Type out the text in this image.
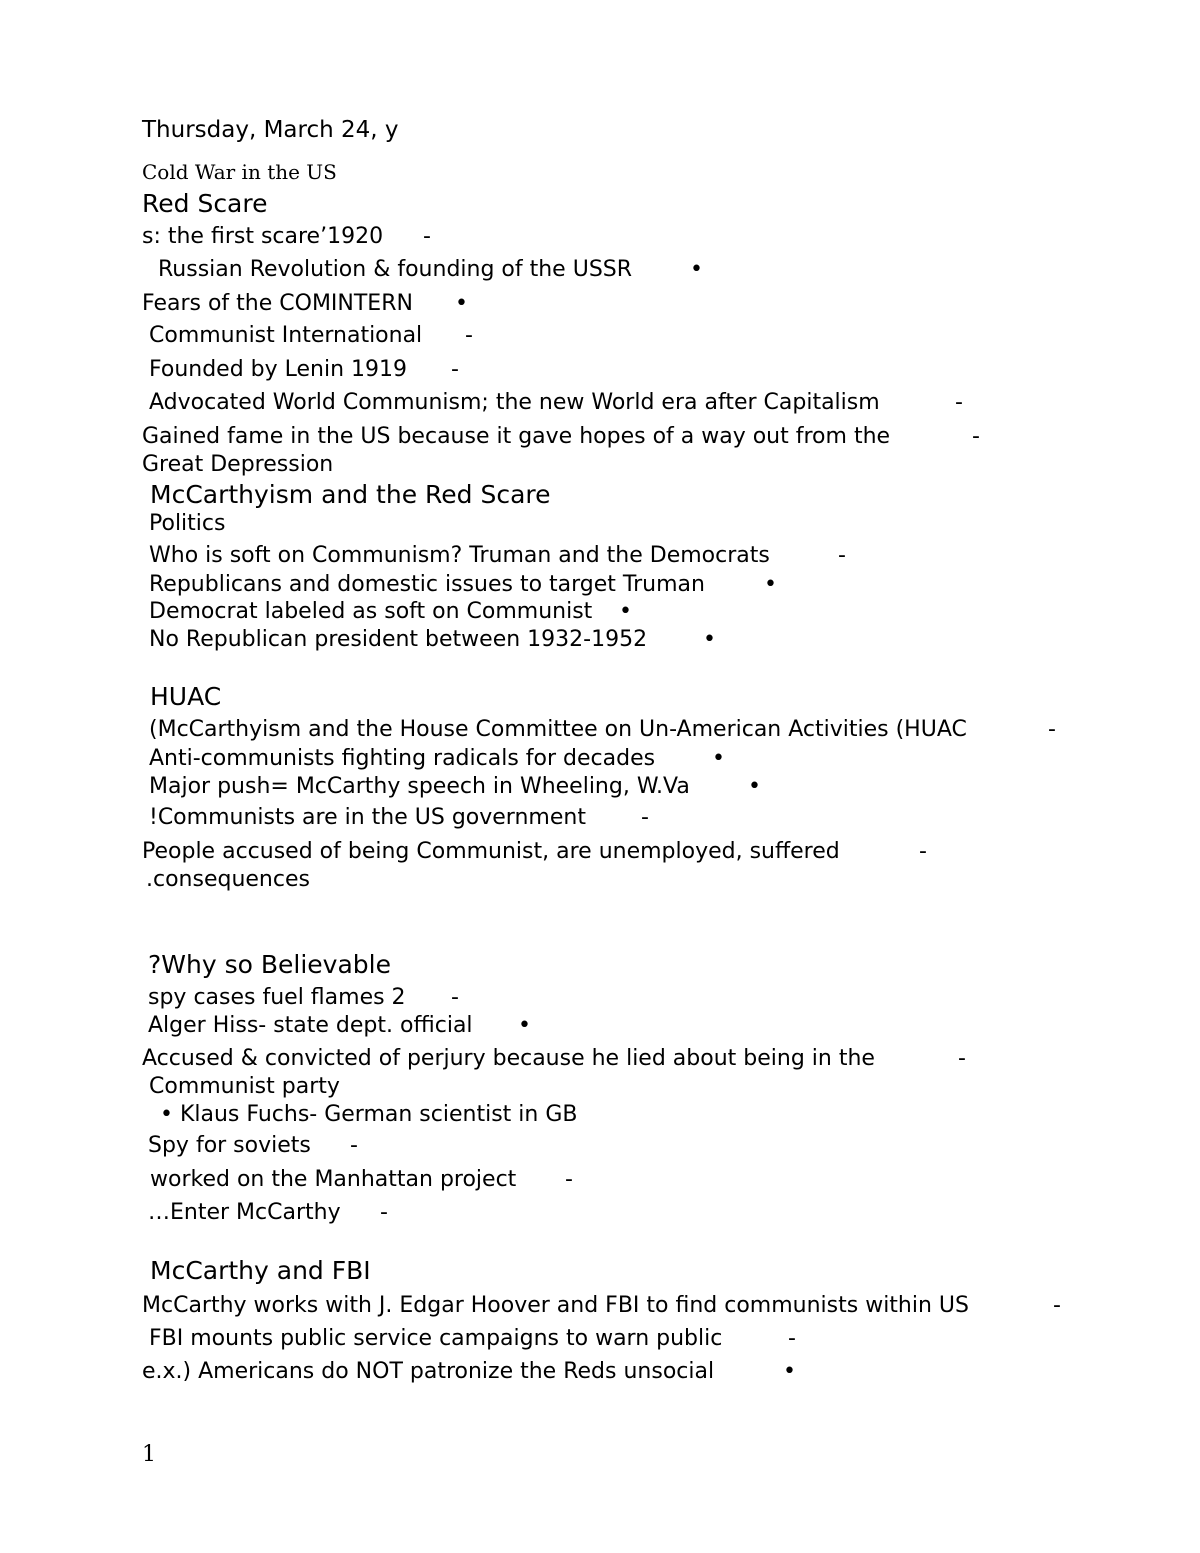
Thursday, March 24, y

Cold War in the US

Red Scare

s: the first scare’1920 -

Russian Revolution & founding of the USSR	•

Fears of the COMINTERN •

Communist International -

Founded by Lenin 1919 -

Advocated World Communism; the new World era after Capitalism	-

Gained fame in the US because it gave hopes of a way out from the	-

Great Depression

McCarthyism and the Red Scare

Politics

Who is soft on Communism? Truman and the Democrats	-

Republicans and domestic issues to target Truman	•

Democrat labeled as soft on Communist •

No Republican president between 1932-1952	•

HUAC

(McCarthyism and the House Committee on Un-American Activities (HUAC	-

Anti-communists fighting radicals for decades	•

Major push= McCarthy speech in Wheeling, W.Va	•

!Communists are in the US government	-

People accused of being Communist, are unemployed, suffered	-

.consequences

?Why so Believable

spy cases fuel flames 2 -

Alger Hiss- state dept. official •

Accused & convicted of perjury because he lied about being in the	-

Communist party

• Klaus Fuchs- German scientist in GB

Spy for soviets -

worked on the Manhattan project -

…Enter McCarthy -

McCarthy and FBI

McCarthy works with J. Edgar Hoover and FBI to find communists within US	-

FBI mounts public service campaigns to warn public	-

e.x.) Americans do NOT patronize the Reds unsocial	•

1
